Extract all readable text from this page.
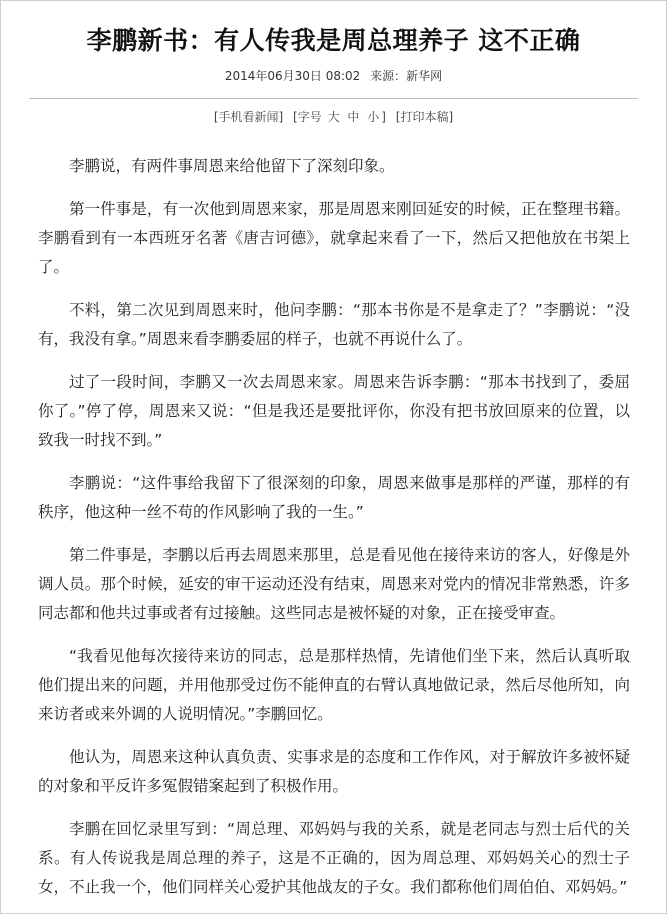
李鹏新书：有人传我是周总理养子 这不正确
2014年06月30日 08:02 来源：新华网
[手机看新闻] [字号 大 中 小 ] [打印本稿]

李鹏说，有两件事周恩来给他留下了深刻印象。

第一件事是，有一次他到周恩来家，那是周恩来刚回延安的时候，正在整理书籍。李鹏看到有一本西班牙名著《唐吉诃德》，就拿起来看了一下，然后又把他放在书架上了。

不料，第二次见到周恩来时，他问李鹏：“那本书你是不是拿走了？”李鹏说：“没有，我没有拿。”周恩来看李鹏委屈的样子，也就不再说什么了。

过了一段时间，李鹏又一次去周恩来家。周恩来告诉李鹏：“那本书找到了，委屈你了。”停了停，周恩来又说：“但是我还是要批评你，你没有把书放回原来的位置，以致我一时找不到。”

李鹏说：“这件事给我留下了很深刻的印象，周恩来做事是那样的严谨，那样的有秩序，他这种一丝不苟的作风影响了我的一生。”

第二件事是，李鹏以后再去周恩来那里，总是看见他在接待来访的客人，好像是外调人员。那个时候，延安的审干运动还没有结束，周恩来对党内的情况非常熟悉，许多同志都和他共过事或者有过接触。这些同志是被怀疑的对象，正在接受审查。

“我看见他每次接待来访的同志，总是那样热情，先请他们坐下来，然后认真听取他们提出来的问题，并用他那受过伤不能伸直的右臂认真地做记录，然后尽他所知，向来访者或来外调的人说明情况。”李鹏回忆。

他认为，周恩来这种认真负责、实事求是的态度和工作作风，对于解放许多被怀疑的对象和平反许多冤假错案起到了积极作用。

李鹏在回忆录里写到：“周总理、邓妈妈与我的关系，就是老同志与烈士后代的关系。有人传说我是周总理的养子，这是不正确的，因为周总理、邓妈妈关心的烈士子女，不止我一个，他们同样关心爱护其他战友的子女。我们都称他们周伯伯、邓妈妈。”
